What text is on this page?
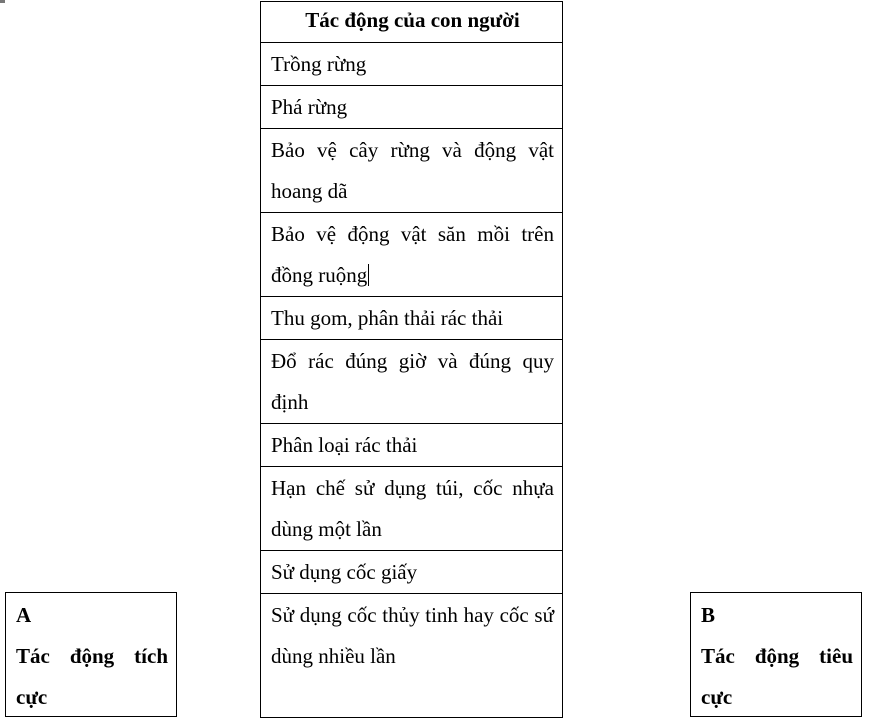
Tác động của con người
Trồng rừng
Phá rừng
Bảo vệ cây rừng và động vật hoang dã
Bảo vệ động vật săn mồi trên đồng ruộng
Thu gom, phân thải rác thải
Đổ rác đúng giờ và đúng quy định
Phân loại rác thải
Hạn chế sử dụng túi, cốc nhựa dùng một lần
Sử dụng cốc giấy
Sử dụng cốc thủy tinh hay cốc sứ dùng nhiều lần
A
Tác động tích cực
B
Tác động tiêu cực
